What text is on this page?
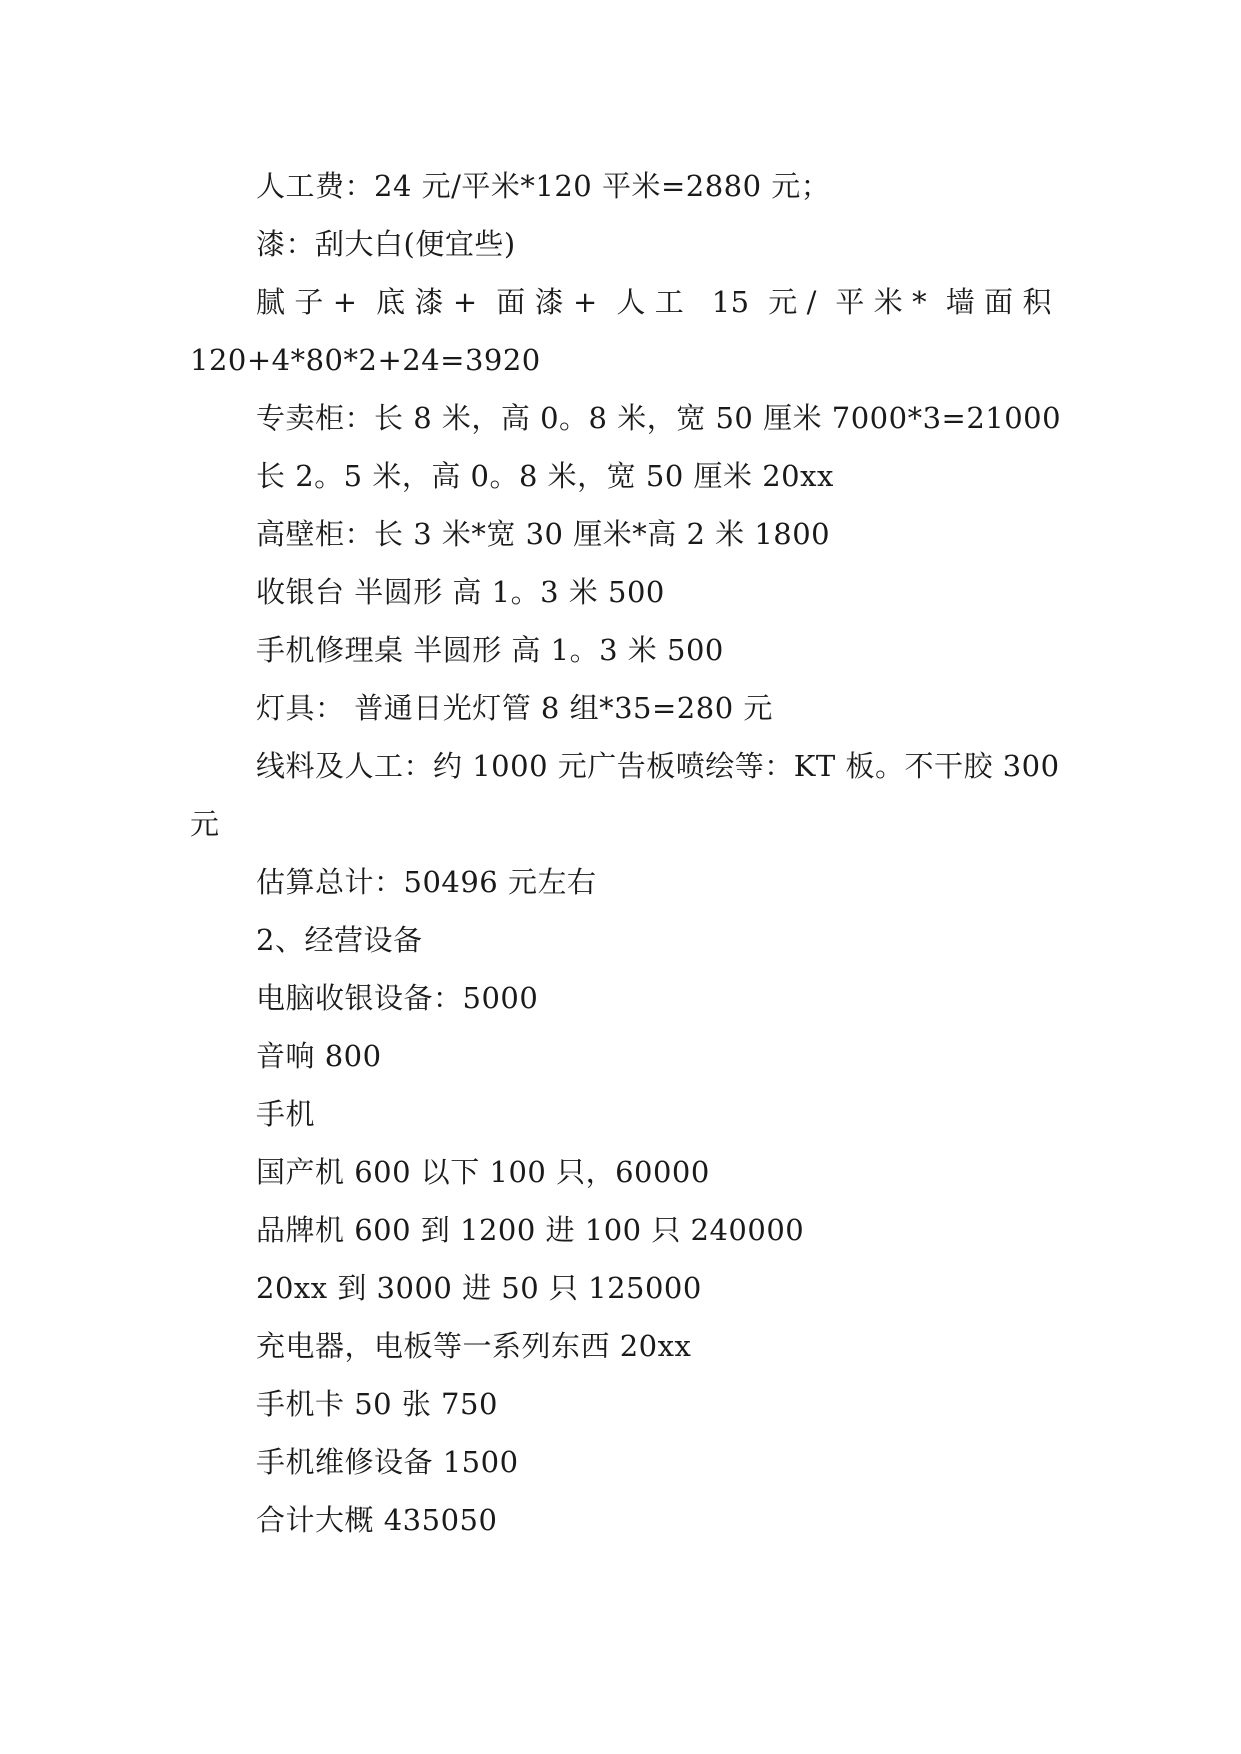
人工费：24 元/平米*120 平米=2880 元；
漆：刮大白(便宜些)
腻子+ 底漆+ 面漆+ 人工 15 元/ 平米* 墙面积
120+4*80*2+24=3920
专卖柜：长 8 米，高 0。8 米，宽 50 厘米 7000*3=21000
长 2。5 米，高 0。8 米，宽 50 厘米 20xx
高壁柜：长 3 米*宽 30 厘米*高 2 米 1800
收银台 半圆形 高 1。3 米 500
手机修理桌 半圆形 高 1。3 米 500
灯具： 普通日光灯管 8 组*35=280 元
线料及人工：约 1000 元广告板喷绘等：KT 板。不干胶 300
元
估算总计：50496 元左右
2、经营设备
电脑收银设备：5000
音响 800
手机
国产机 600 以下 100 只，60000
品牌机 600 到 1200 进 100 只 240000
20xx 到 3000 进 50 只 125000
充电器，电板等一系列东西 20xx
手机卡 50 张 750
手机维修设备 1500
合计大概 435050
